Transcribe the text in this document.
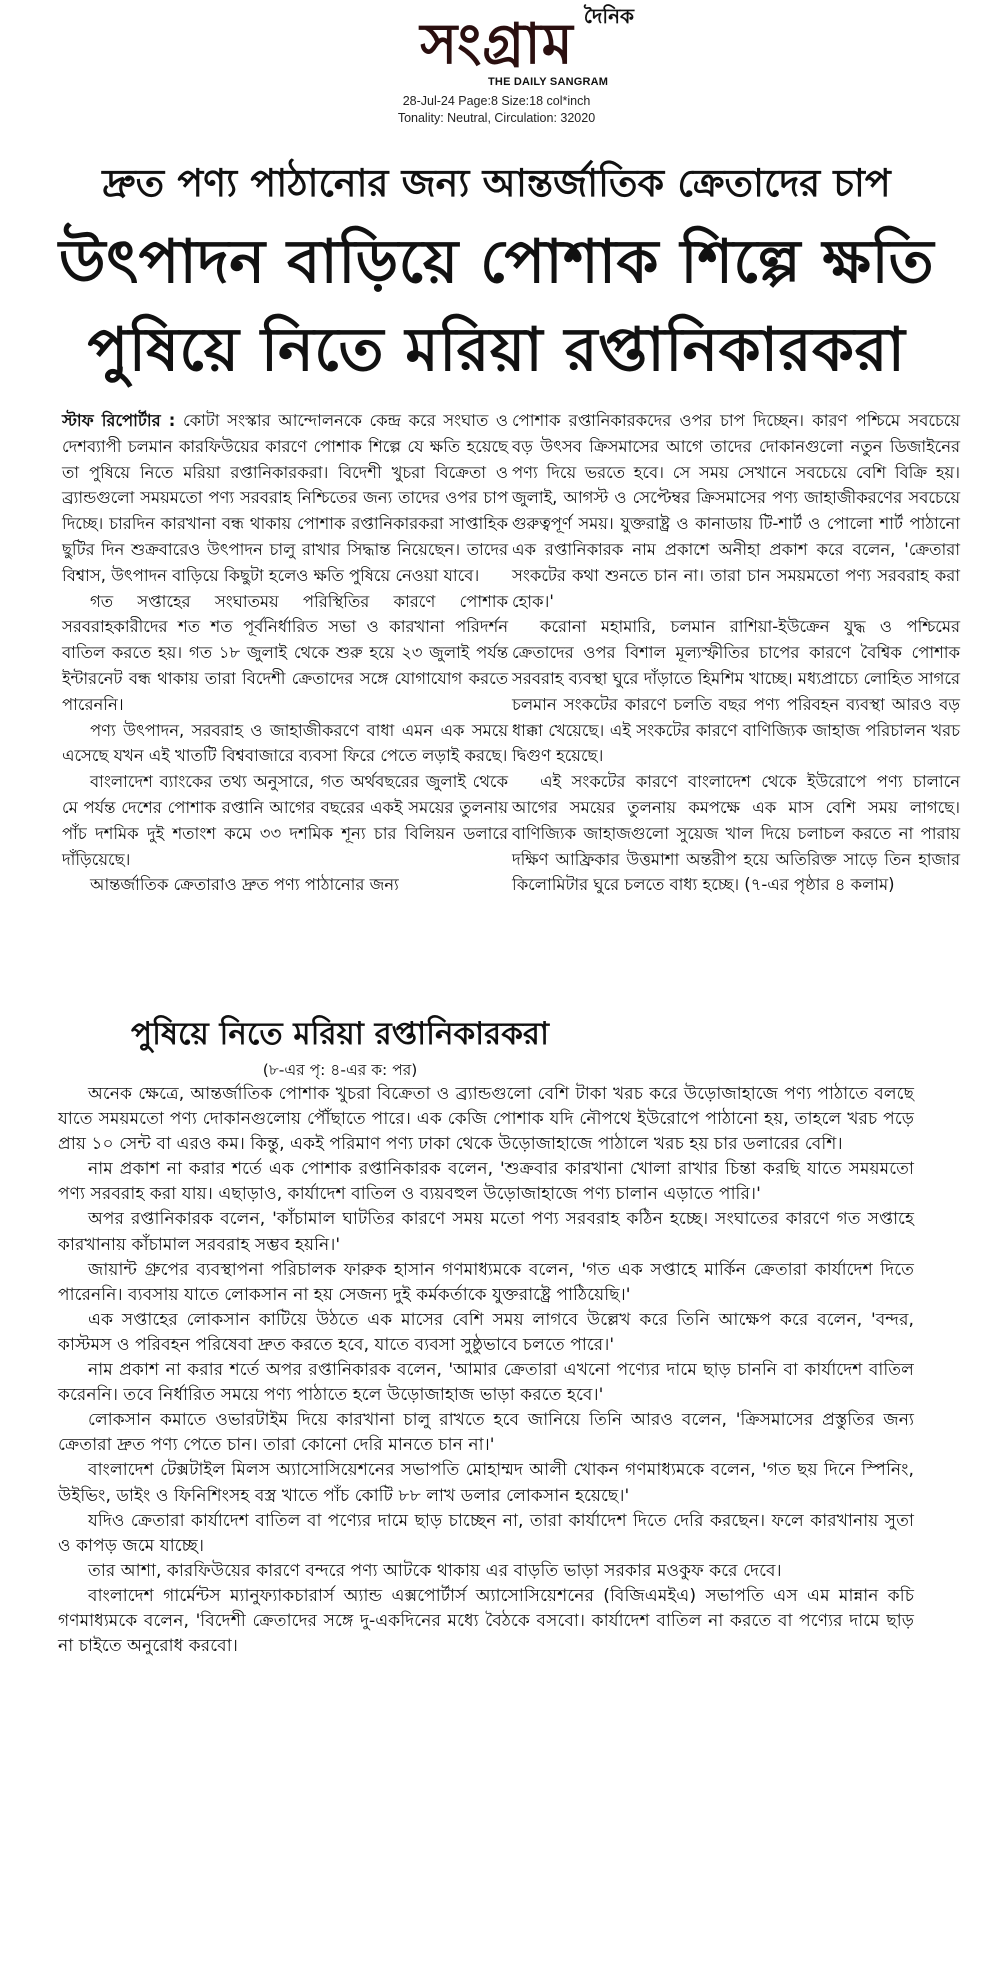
সংগ্রাম দৈনিক
THE DAILY SANGRAM
28-Jul-24 Page:8 Size:18 col*inch
Tonality: Neutral, Circulation: 32020
দ্রুত পণ্য পাঠানোর জন্য আন্তর্জাতিক ক্রেতাদের চাপ
উৎপাদন বাড়িয়ে পোশাক শিল্পে ক্ষতি
পুষিয়ে নিতে মরিয়া রপ্তানিকারকরা

স্টাফ রিপোর্টার : কোটা সংস্কার আন্দোলনকে কেন্দ্র করে সংঘাত ও দেশব্যাপী চলমান কারফিউয়ের কারণে পোশাক শিল্পে যে ক্ষতি হয়েছে তা পুষিয়ে নিতে মরিয়া রপ্তানিকারকরা। বিদেশী খুচরা বিক্রেতা ও ব্র্যান্ডগুলো সময়মতো পণ্য সরবরাহ নিশ্চিতের জন্য তাদের ওপর চাপ দিচ্ছে। চারদিন কারখানা বন্ধ থাকায় পোশাক রপ্তানিকারকরা সাপ্তাহিক ছুটির দিন শুক্রবারেও উৎপাদন চালু রাখার সিদ্ধান্ত নিয়েছেন। তাদের বিশ্বাস, উৎপাদন বাড়িয়ে কিছুটা হলেও ক্ষতি পুষিয়ে নেওয়া যাবে।

গত সপ্তাহের সংঘাতময় পরিস্থিতির কারণে পোশাক সরবরাহকারীদের শত শত পূর্বনির্ধারিত সভা ও কারখানা পরিদর্শন বাতিল করতে হয়। গত ১৮ জুলাই থেকে শুরু হয়ে ২৩ জুলাই পর্যন্ত ইন্টারনেট বন্ধ থাকায় তারা বিদেশী ক্রেতাদের সঙ্গে যোগাযোগ করতে পারেননি।

পণ্য উৎপাদন, সরবরাহ ও জাহাজীকরণে বাধা এমন এক সময়ে এসেছে যখন এই খাতটি বিশ্ববাজারে ব্যবসা ফিরে পেতে লড়াই করছে।

বাংলাদেশ ব্যাংকের তথ্য অনুসারে, গত অর্থবছরের জুলাই থেকে মে পর্যন্ত দেশের পোশাক রপ্তানি আগের বছরের একই সময়ের তুলনায় পাঁচ দশমিক দুই শতাংশ কমে ৩৩ দশমিক শূন্য চার বিলিয়ন ডলারে দাঁড়িয়েছে।

আন্তর্জাতিক ক্রেতারাও দ্রুত পণ্য পাঠানোর জন্য

পোশাক রপ্তানিকারকদের ওপর চাপ দিচ্ছেন। কারণ পশ্চিমে সবচেয়ে বড় উৎসব ক্রিসমাসের আগে তাদের দোকানগুলো নতুন ডিজাইনের পণ্য দিয়ে ভরতে হবে। সে সময় সেখানে সবচেয়ে বেশি বিক্রি হয়। জুলাই, আগস্ট ও সেপ্টেম্বর ক্রিসমাসের পণ্য জাহাজীকরণের সবচেয়ে গুরুত্বপূর্ণ সময়। যুক্তরাষ্ট্র ও কানাডায় টি-শার্ট ও পোলো শার্ট পাঠানো এক রপ্তানিকারক নাম প্রকাশে অনীহা প্রকাশ করে বলেন, 'ক্রেতারা সংকটের কথা শুনতে চান না। তারা চান সময়মতো পণ্য সরবরাহ করা হোক।'

করোনা মহামারি, চলমান রাশিয়া-ইউক্রেন যুদ্ধ ও পশ্চিমের ক্রেতাদের ওপর বিশাল মূল্যস্ফীতির চাপের কারণে বৈশ্বিক পোশাক সরবরাহ ব্যবস্থা ঘুরে দাঁড়াতে হিমশিম খাচ্ছে। মধ্যপ্রাচ্যে লোহিত সাগরে চলমান সংকটের কারণে চলতি বছর পণ্য পরিবহন ব্যবস্থা আরও বড় ধাক্কা খেয়েছে। এই সংকটের কারণে বাণিজ্যিক জাহাজ পরিচালন খরচ দ্বিগুণ হয়েছে।

এই সংকটের কারণে বাংলাদেশ থেকে ইউরোপে পণ্য চালানে আগের সময়ের তুলনায় কমপক্ষে এক মাস বেশি সময় লাগছে। বাণিজ্যিক জাহাজগুলো সুয়েজ খাল দিয়ে চলাচল করতে না পারায় দক্ষিণ আফ্রিকার উত্তমাশা অন্তরীপ হয়ে অতিরিক্ত সাড়ে তিন হাজার কিলোমিটার ঘুরে চলতে বাধ্য হচ্ছে। (৭-এর পৃষ্ঠার ৪ কলাম)

পুষিয়ে নিতে মরিয়া রপ্তানিকারকরা
(৮-এর পৃ: ৪-এর ক: পর)

অনেক ক্ষেত্রে, আন্তর্জাতিক পোশাক খুচরা বিক্রেতা ও ব্র্যান্ডগুলো বেশি টাকা খরচ করে উড়োজাহাজে পণ্য পাঠাতে বলছে যাতে সময়মতো পণ্য দোকানগুলোয় পৌঁছাতে পারে। এক কেজি পোশাক যদি নৌপথে ইউরোপে পাঠানো হয়, তাহলে খরচ পড়ে প্রায় ১০ সেন্ট বা এরও কম। কিন্তু, একই পরিমাণ পণ্য ঢাকা থেকে উড়োজাহাজে পাঠালে খরচ হয় চার ডলারের বেশি।

নাম প্রকাশ না করার শর্তে এক পোশাক রপ্তানিকারক বলেন, 'শুক্রবার কারখানা খোলা রাখার চিন্তা করছি যাতে সময়মতো পণ্য সরবরাহ করা যায়। এছাড়াও, কার্যাদেশ বাতিল ও ব্যয়বহুল উড়োজাহাজে পণ্য চালান এড়াতে পারি।'

অপর রপ্তানিকারক বলেন, 'কাঁচামাল ঘাটতির কারণে সময় মতো পণ্য সরবরাহ কঠিন হচ্ছে। সংঘাতের কারণে গত সপ্তাহে কারখানায় কাঁচামাল সরবরাহ সম্ভব হয়নি।'

জায়ান্ট গ্রুপের ব্যবস্থাপনা পরিচালক ফারুক হাসান গণমাধ্যমকে বলেন, 'গত এক সপ্তাহে মার্কিন ক্রেতারা কার্যাদেশ দিতে পারেননি। ব্যবসায় যাতে লোকসান না হয় সেজন্য দুই কর্মকর্তাকে যুক্তরাষ্ট্রে পাঠিয়েছি।'

এক সপ্তাহের লোকসান কাটিয়ে উঠতে এক মাসের বেশি সময় লাগবে উল্লেখ করে তিনি আক্ষেপ করে বলেন, 'বন্দর, কাস্টমস ও পরিবহন পরিষেবা দ্রুত করতে হবে, যাতে ব্যবসা সুষ্ঠুভাবে চলতে পারে।'

নাম প্রকাশ না করার শর্তে অপর রপ্তানিকারক বলেন, 'আমার ক্রেতারা এখনো পণ্যের দামে ছাড় চাননি বা কার্যাদেশ বাতিল করেননি। তবে নির্ধারিত সময়ে পণ্য পাঠাতে হলে উড়োজাহাজ ভাড়া করতে হবে।'

লোকসান কমাতে ওভারটাইম দিয়ে কারখানা চালু রাখতে হবে জানিয়ে তিনি আরও বলেন, 'ক্রিসমাসের প্রস্তুতির জন্য ক্রেতারা দ্রুত পণ্য পেতে চান। তারা কোনো দেরি মানতে চান না।'

বাংলাদেশ টেক্সটাইল মিলস অ্যাসোসিয়েশনের সভাপতি মোহাম্মদ আলী খোকন গণমাধ্যমকে বলেন, 'গত ছয় দিনে স্পিনিং, উইভিং, ডাইং ও ফিনিশিংসহ বস্ত্র খাতে পাঁচ কোটি ৮৮ লাখ ডলার লোকসান হয়েছে।'

যদিও ক্রেতারা কার্যাদেশ বাতিল বা পণ্যের দামে ছাড় চাচ্ছেন না, তারা কার্যাদেশ দিতে দেরি করছেন। ফলে কারখানায় সুতা ও কাপড় জমে যাচ্ছে।

তার আশা, কারফিউয়ের কারণে বন্দরে পণ্য আটকে থাকায় এর বাড়তি ভাড়া সরকার মওকুফ করে দেবে।

বাংলাদেশ গার্মেন্টস ম্যানুফ্যাকচারার্স অ্যান্ড এক্সপোর্টার্স অ্যাসোসিয়েশনের (বিজিএমইএ) সভাপতি এস এম মান্নান কচি গণমাধ্যমকে বলেন, 'বিদেশী ক্রেতাদের সঙ্গে দু-একদিনের মধ্যে বৈঠকে বসবো। কার্যাদেশ বাতিল না করতে বা পণ্যের দামে ছাড় না চাইতে অনুরোধ করবো।
